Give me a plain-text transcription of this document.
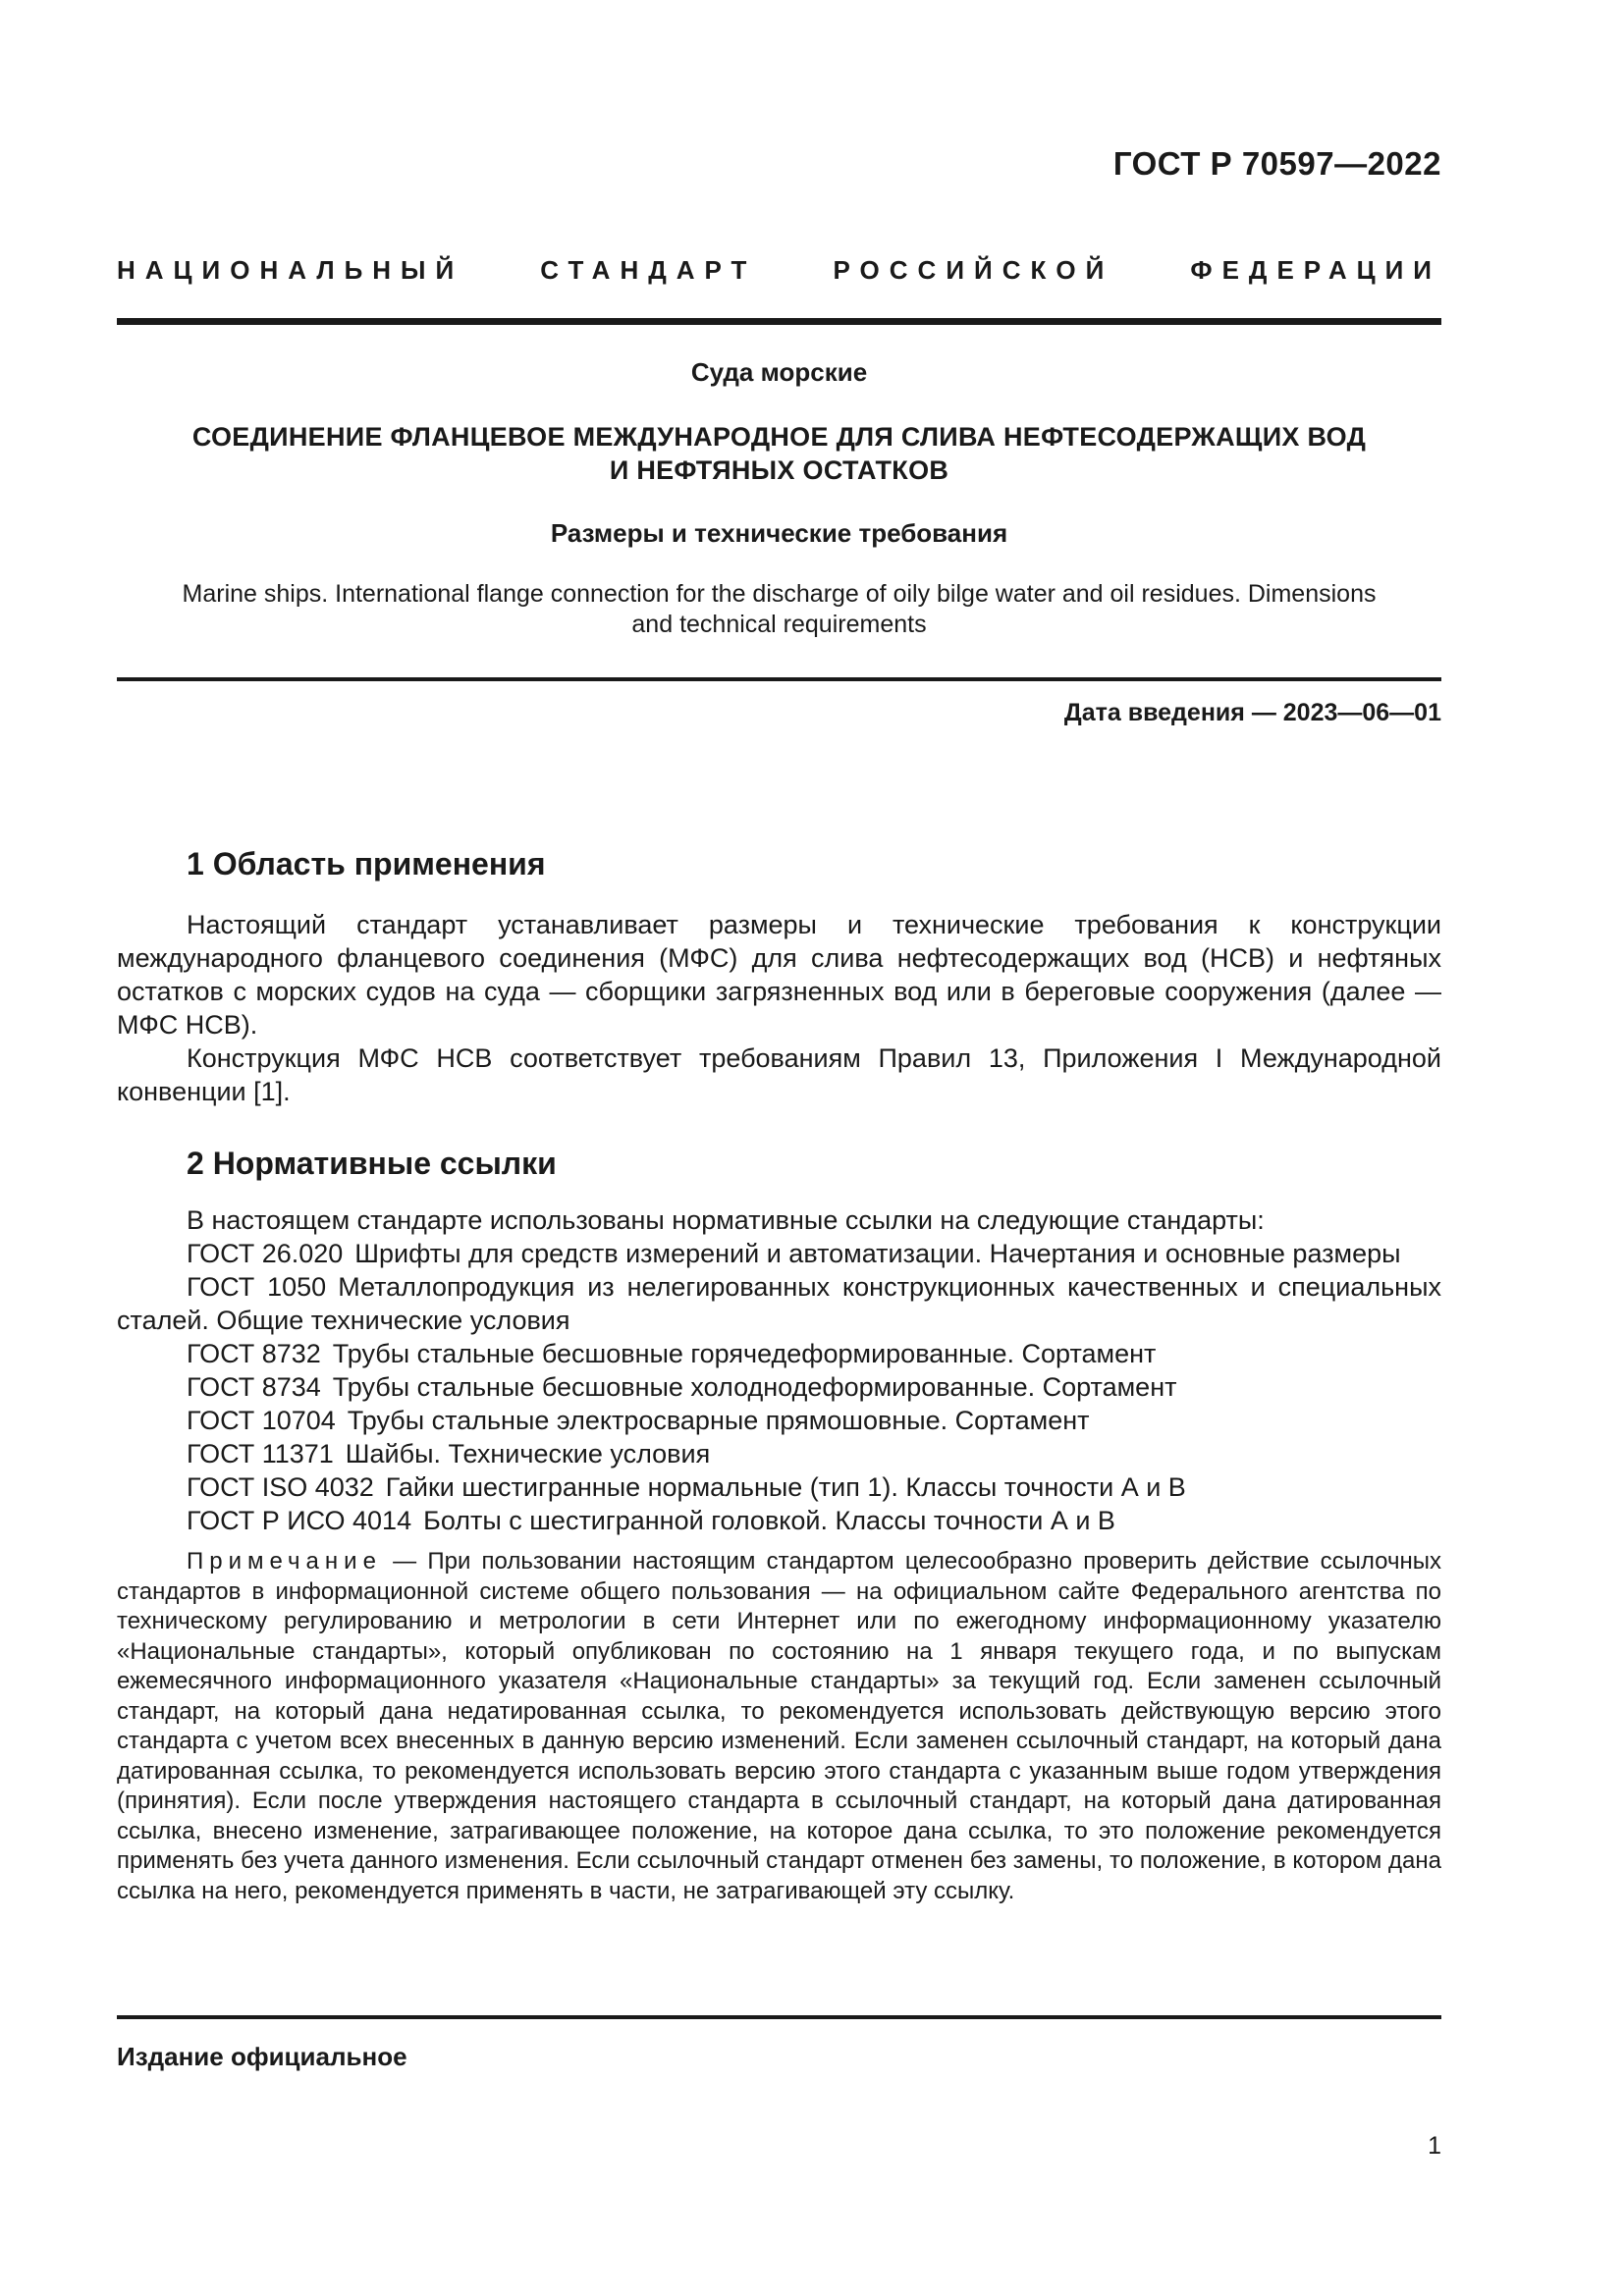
ГОСТ Р 70597—2022
НАЦИОНАЛЬНЫЙ СТАНДАРТ РОССИЙСКОЙ ФЕДЕРАЦИИ
Суда морские
СОЕДИНЕНИЕ ФЛАНЦЕВОЕ МЕЖДУНАРОДНОЕ ДЛЯ СЛИВА НЕФТЕСОДЕРЖАЩИХ ВОД
И НЕФТЯНЫХ ОСТАТКОВ
Размеры и технические требования
Marine ships. International flange connection for the discharge of oily bilge water and oil residues. Dimensions
and technical requirements
Дата введения — 2023—06—01
1 Область применения

Настоящий стандарт устанавливает размеры и технические требования к конструкции международного фланцевого соединения (МФС) для слива нефтесодержащих вод (НСВ) и нефтяных остатков с морских судов на суда — сборщики загрязненных вод или в береговые сооружения (далее — МФС НСВ).

Конструкция МФС НСВ соответствует требованиям Правил 13, Приложения I Международной конвенции [1].

2 Нормативные ссылки

В настоящем стандарте использованы нормативные ссылки на следующие стандарты:

ГОСТ 26.020 Шрифты для средств измерений и автоматизации. Начертания и основные размеры

ГОСТ 1050 Металлопродукция из нелегированных конструкционных качественных и специальных сталей. Общие технические условия

ГОСТ 8732 Трубы стальные бесшовные горячедеформированные. Сортамент

ГОСТ 8734 Трубы стальные бесшовные холоднодеформированные. Сортамент

ГОСТ 10704 Трубы стальные электросварные прямошовные. Сортамент

ГОСТ 11371 Шайбы. Технические условия

ГОСТ ISO 4032 Гайки шестигранные нормальные (тип 1). Классы точности А и В

ГОСТ Р ИСО 4014 Болты с шестигранной головкой. Классы точности А и В

Примечание — При пользовании настоящим стандартом целесообразно проверить действие ссылочных стандартов в информационной системе общего пользования — на официальном сайте Федерального агентства по техническому регулированию и метрологии в сети Интернет или по ежегодному информационному указателю «Национальные стандарты», который опубликован по состоянию на 1 января текущего года, и по выпускам ежемесячного информационного указателя «Национальные стандарты» за текущий год. Если заменен ссылочный стандарт, на который дана недатированная ссылка, то рекомендуется использовать действующую версию этого стандарта с учетом всех внесенных в данную версию изменений. Если заменен ссылочный стандарт, на который дана датированная ссылка, то рекомендуется использовать версию этого стандарта с указанным выше годом утверждения (принятия). Если после утверждения настоящего стандарта в ссылочный стандарт, на который дана датированная ссылка, внесено изменение, затрагивающее положение, на которое дана ссылка, то это положение рекомендуется применять без учета данного изменения. Если ссылочный стандарт отменен без замены, то положение, в котором дана ссылка на него, рекомендуется применять в части, не затрагивающей эту ссылку.
Издание официальное
1
